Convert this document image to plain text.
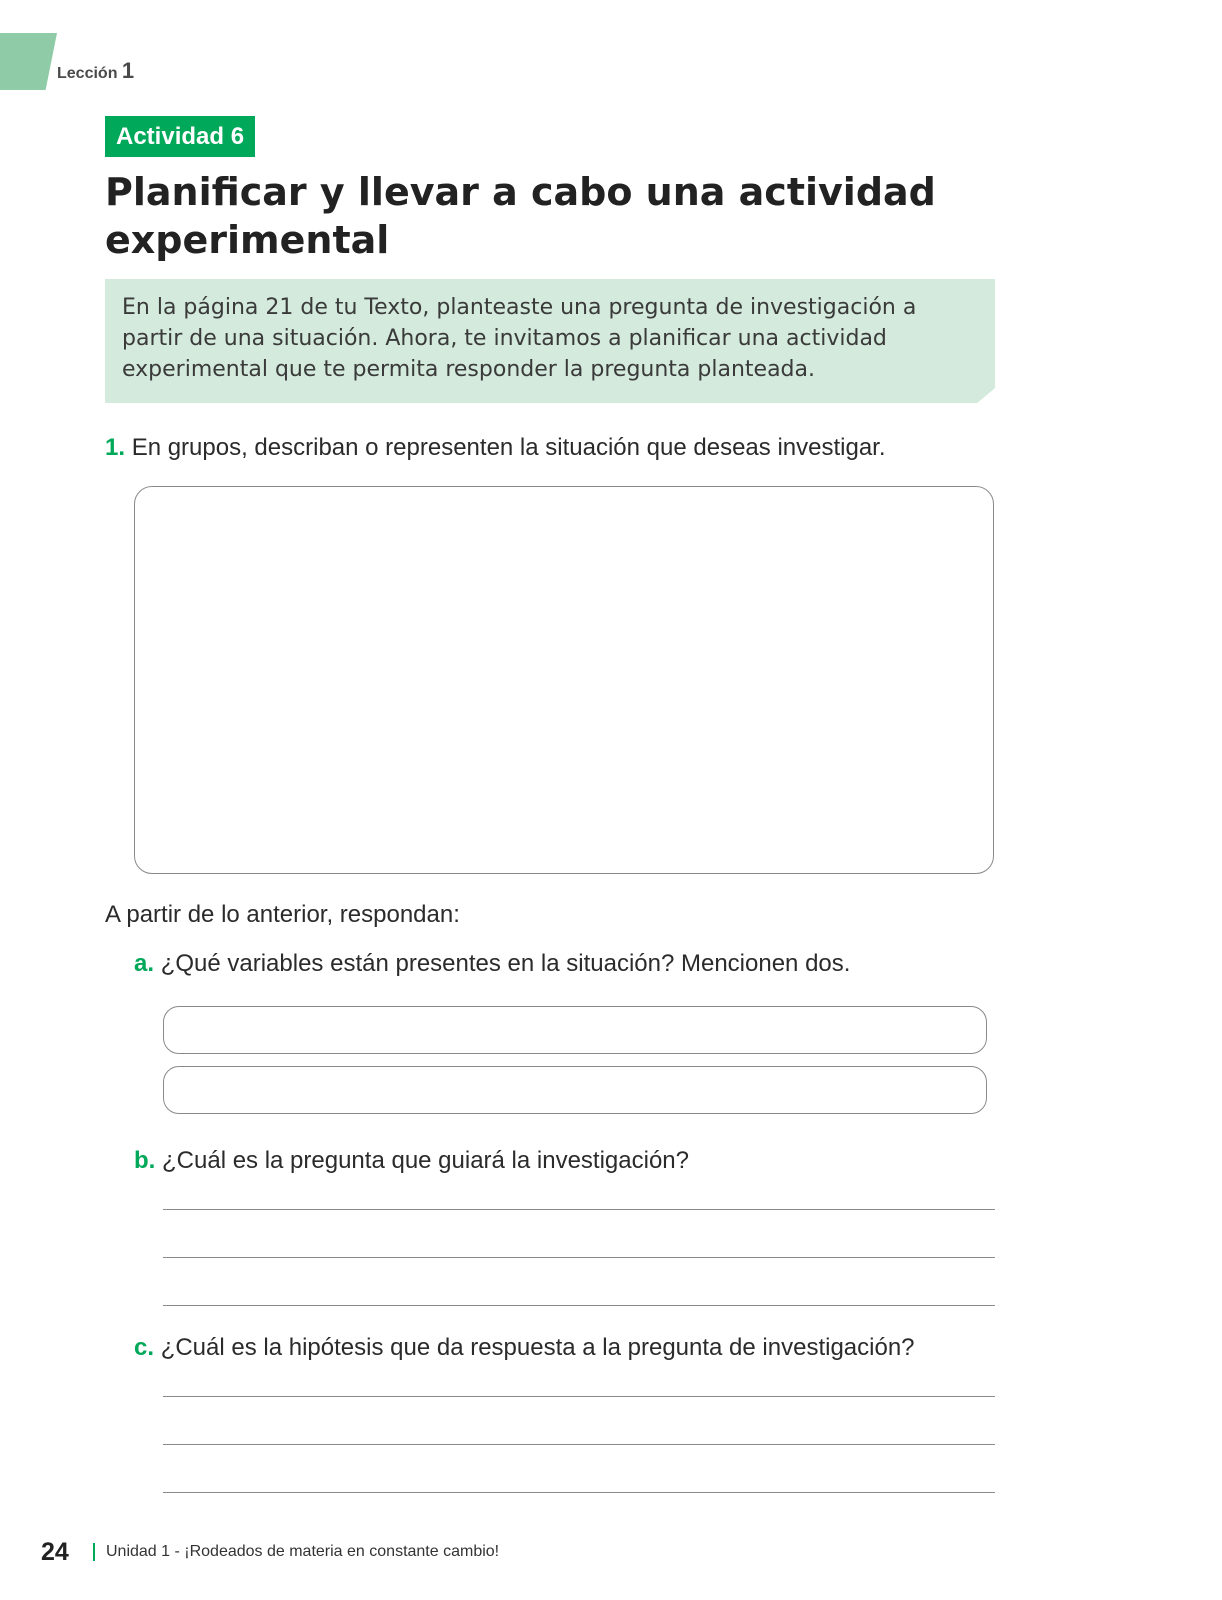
Lección 1
Actividad 6
Planificar y llevar a cabo una actividad experimental
En la página 21 de tu Texto, planteaste una pregunta de investigación a partir de una situación. Ahora, te invitamos a planificar una actividad experimental que te permita responder la pregunta planteada.
1. En grupos, describan o representen la situación que deseas investigar.
A partir de lo anterior, respondan:
a. ¿Qué variables están presentes en la situación? Mencionen dos.
b. ¿Cuál es la pregunta que guiará la investigación?
c. ¿Cuál es la hipótesis que da respuesta a la pregunta de investigación?
24 Unidad 1 - ¡Rodeados de materia en constante cambio!
